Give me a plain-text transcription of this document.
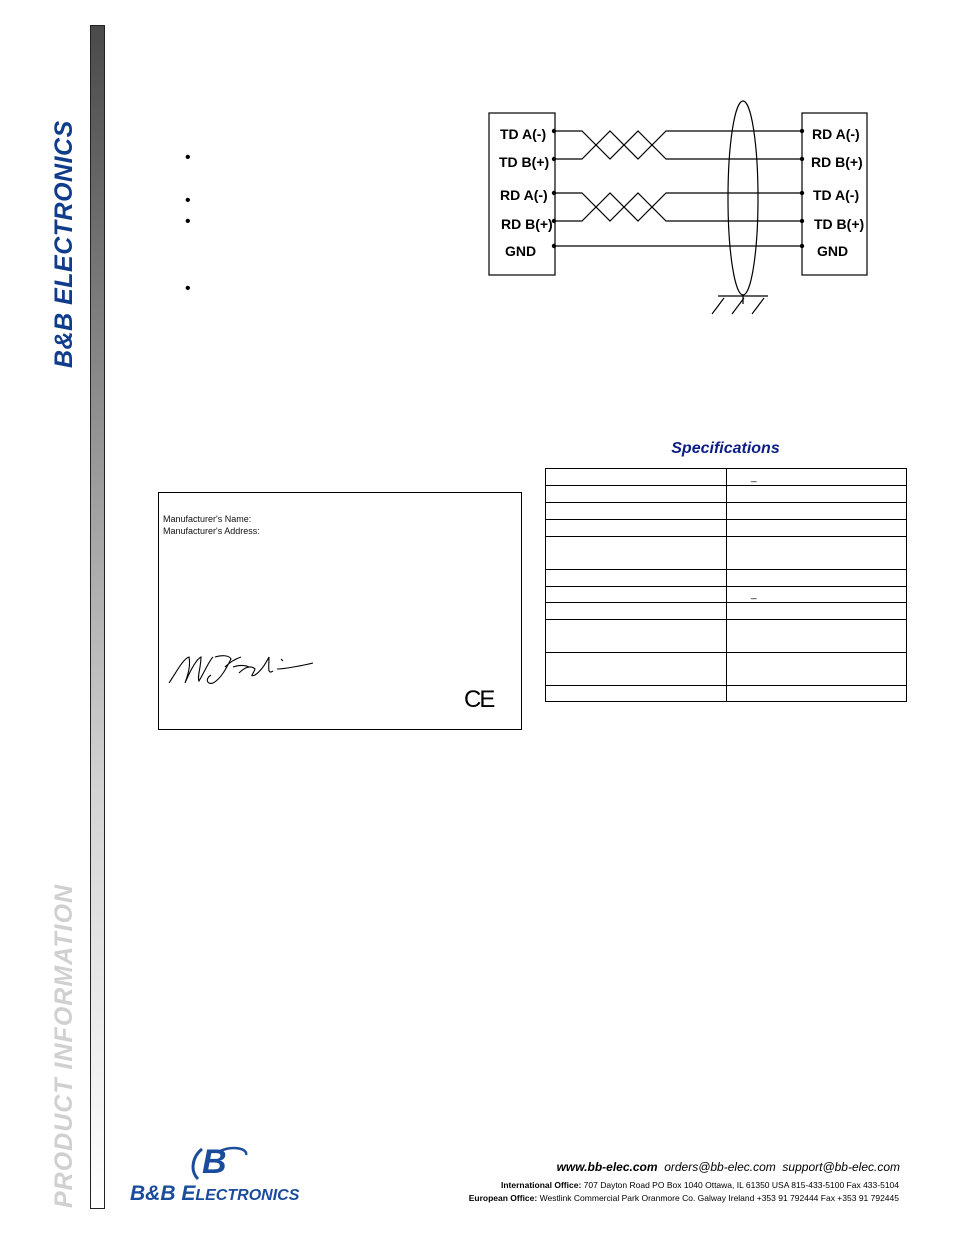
B&B ELECTRONICS
PRODUCT INFORMATION
•
•
•
•
TD A(-)
TD B(+)
RD A(-)
RD B(+)
GND
RD A(-)
RD B(+)
TD A(-)
TD B(+)
GND
Specifications
	_

	_

Manufacturer's Name:
Manufacturer's Address:
CE
www.bb-elec.com orders@bb-elec.com support@bb-elec.com
International Office: 707 Dayton Road PO Box 1040 Ottawa, IL 61350 USA 815-433-5100 Fax 433-5104
European Office: Westlink Commercial Park Oranmore Co. Galway Ireland +353 91 792444 Fax +353 91 792445
B
B&B ELECTRONICS
